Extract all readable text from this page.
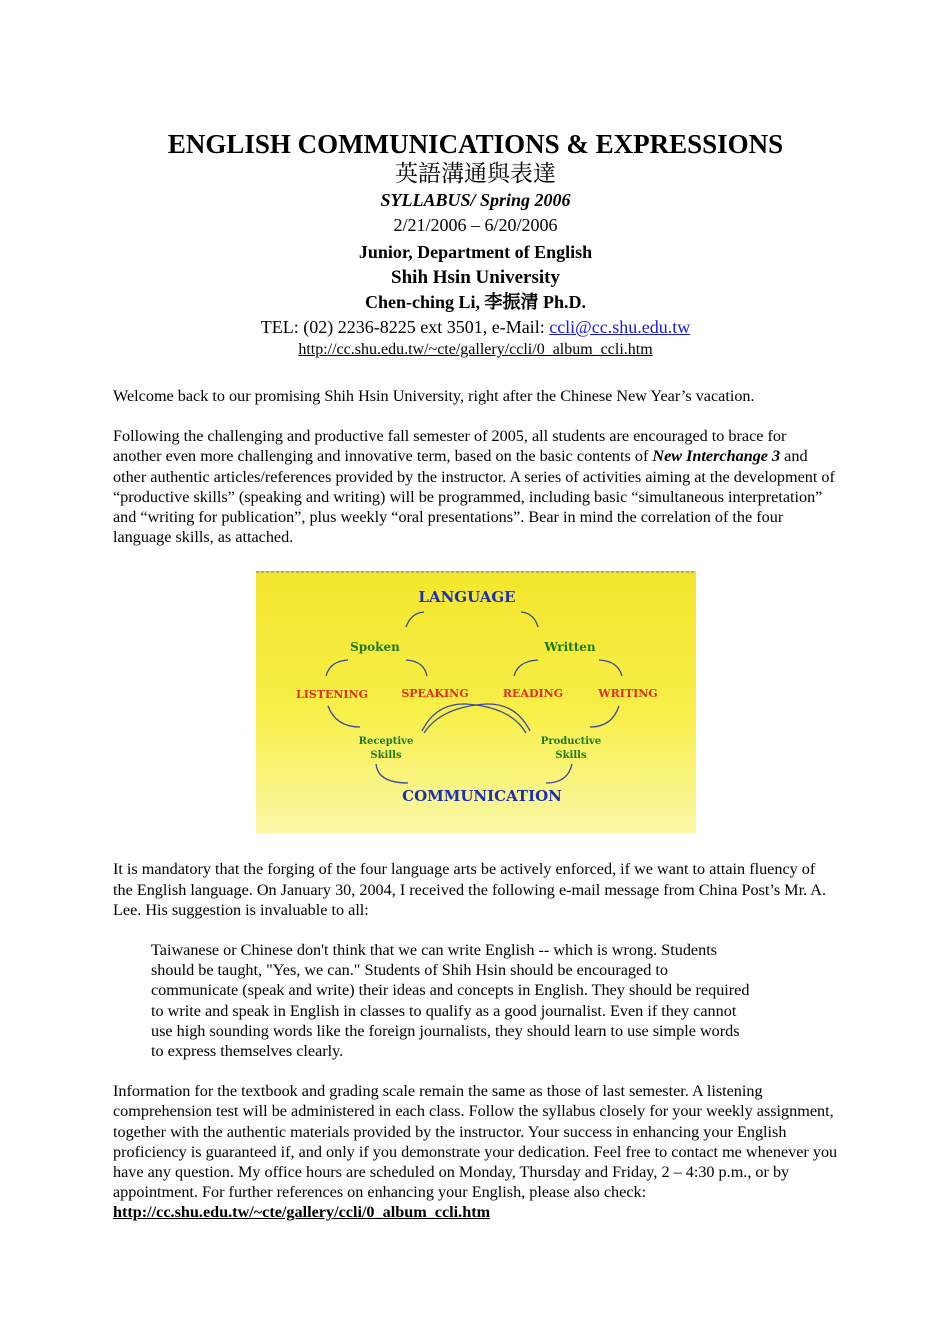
ENGLISH COMMUNICATIONS & EXPRESSIONS
英語溝通與表達
SYLLABUS/ Spring 2006
2/21/2006 – 6/20/2006
Junior, Department of English
Shih Hsin University
Chen-ching Li, 李振清 Ph.D.
TEL: (02) 2236-8225 ext 3501, e-Mail: ccli@cc.shu.edu.tw
http://cc.shu.edu.tw/~cte/gallery/ccli/0_album_ccli.htm

Welcome back to our promising Shih Hsin University, right after the Chinese New Year’s vacation.

Following the challenging and productive fall semester of 2005, all students are encouraged to brace for another even more challenging and innovative term, based on the basic contents of New Interchange 3 and other authentic articles/references provided by the instructor. A series of activities aiming at the development of “productive skills” (speaking and writing) will be programmed, including basic “simultaneous interpretation” and “writing for publication”, plus weekly “oral presentations”. Bear in mind the correlation of the four language skills, as attached.

LANGUAGE
Spoken	Written
LISTENING	SPEAKING	READING	WRITING
Receptive
Skills
Productive
Skills
COMMUNICATION

It is mandatory that the forging of the four language arts be actively enforced, if we want to attain fluency of the English language. On January 30, 2004, I received the following e-mail message from China Post’s Mr. A. Lee. His suggestion is invaluable to all:

Taiwanese or Chinese don't think that we can write English -- which is wrong. Students should be taught, "Yes, we can." Students of Shih Hsin should be encouraged to communicate (speak and write) their ideas and concepts in English. They should be required to write and speak in English in classes to qualify as a good journalist. Even if they cannot use high sounding words like the foreign journalists, they should learn to use simple words to express themselves clearly.

Information for the textbook and grading scale remain the same as those of last semester. A listening comprehension test will be administered in each class. Follow the syllabus closely for your weekly assignment, together with the authentic materials provided by the instructor. Your success in enhancing your English proficiency is guaranteed if, and only if you demonstrate your dedication. Feel free to contact me whenever you have any question. My office hours are scheduled on Monday, Thursday and Friday, 2 – 4:30 p.m., or by appointment. For further references on enhancing your English, please also check: http://cc.shu.edu.tw/~cte/gallery/ccli/0_album_ccli.htm
